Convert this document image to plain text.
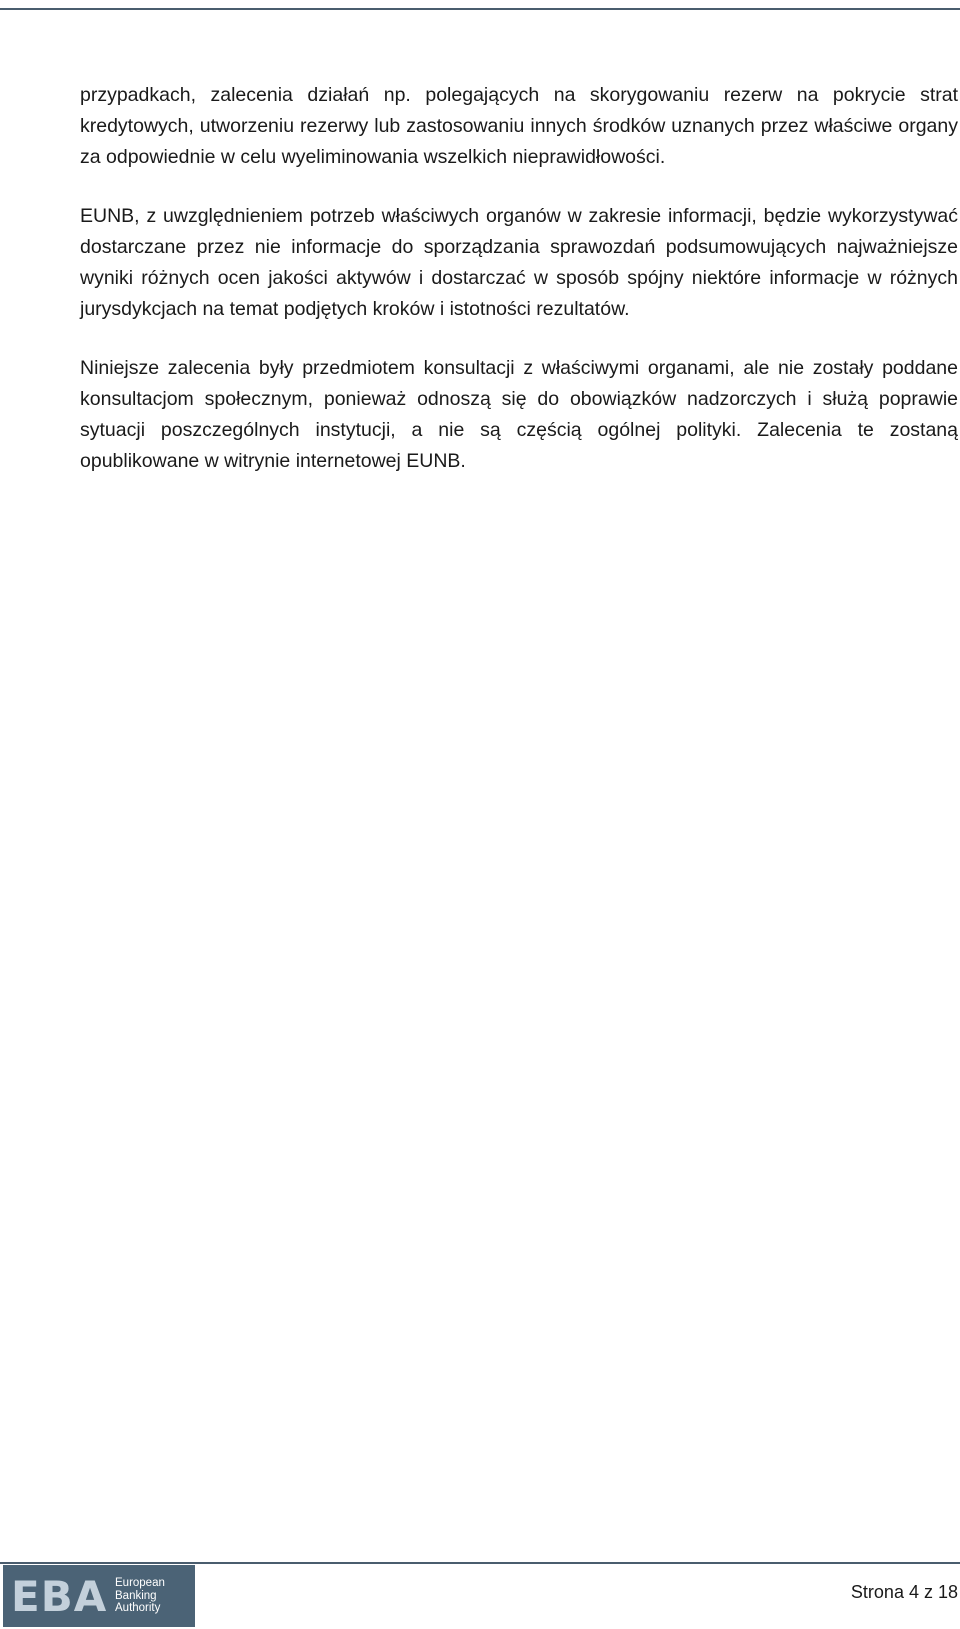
przypadkach, zalecenia działań np. polegających na skorygowaniu rezerw na pokrycie strat kredytowych, utworzeniu rezerwy lub zastosowaniu innych środków uznanych przez właściwe organy za odpowiednie w celu wyeliminowania wszelkich nieprawidłowości.

EUNB, z uwzględnieniem potrzeb właściwych organów w zakresie informacji, będzie wykorzystywać dostarczane przez nie informacje do sporządzania sprawozdań podsumowujących najważniejsze wyniki różnych ocen jakości aktywów i dostarczać w sposób spójny niektóre informacje w różnych jurysdykcjach na temat podjętych kroków i istotności rezultatów.

Niniejsze zalecenia były przedmiotem konsultacji z właściwymi organami, ale nie zostały poddane konsultacjom społecznym, ponieważ odnoszą się do obowiązków nadzorczych i służą poprawie sytuacji poszczególnych instytucji, a nie są częścią ogólnej polityki. Zalecenia te zostaną opublikowane w witrynie internetowej EUNB.

EBA European
Banking
Authority
Strona 4 z 18
